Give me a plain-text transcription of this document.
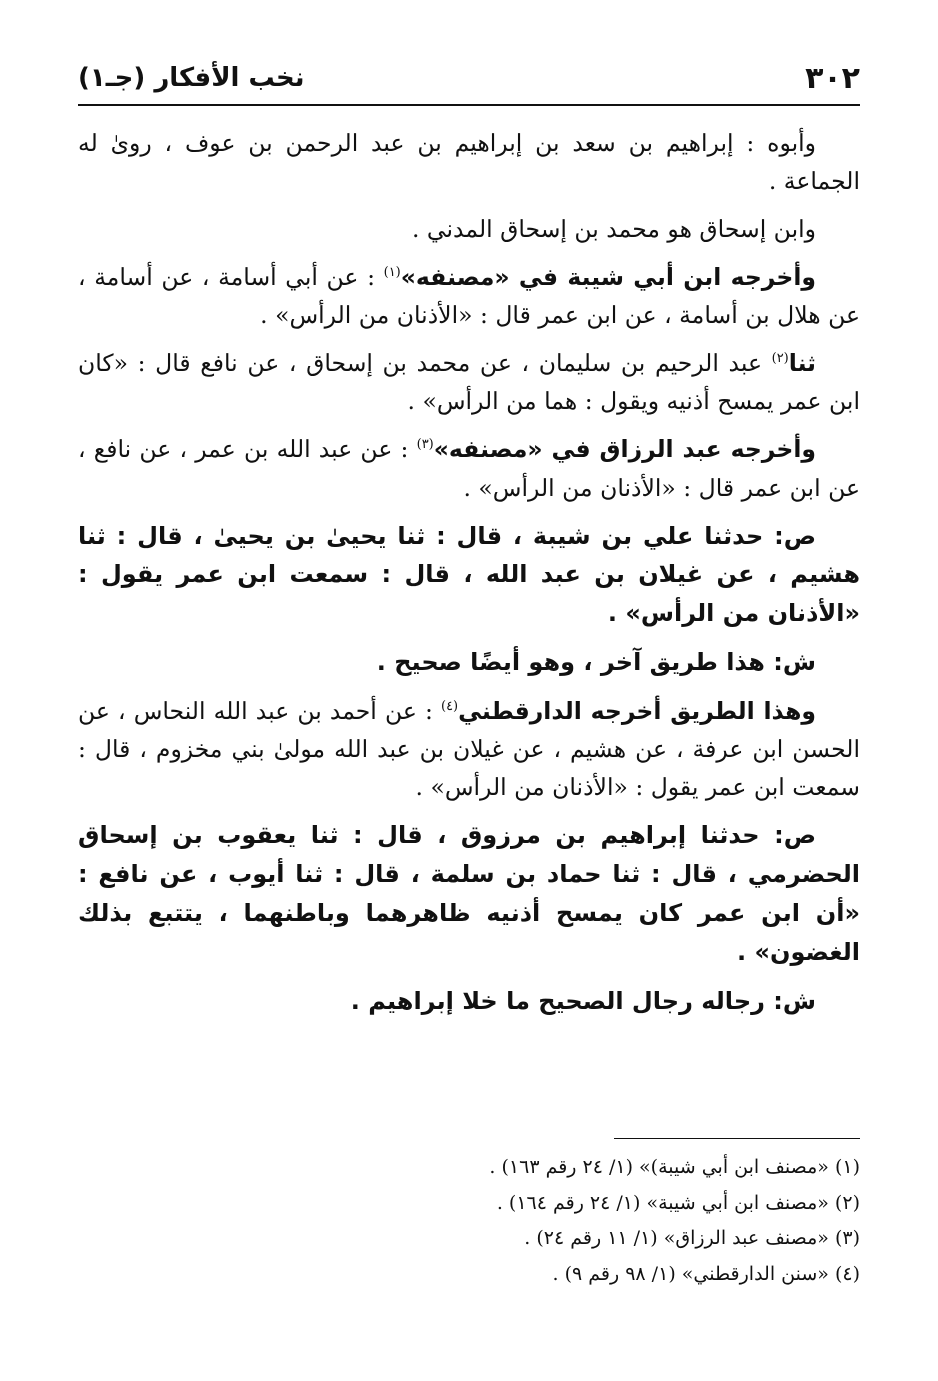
٣٠٢
نخب الأفكار (جـ١)

وأبوه : إبراهيم بن سعد بن إبراهيم بن عبد الرحمن بن عوف ، روىٰ له الجماعة .

وابن إسحاق هو محمد بن إسحاق المدني .

وأخرجه ابن أبي شيبة في «مصنفه»$^{(١)}$ : عن أبي أسامة ، عن أسامة ، عن هلال بن أسامة ، عن ابن عمر قال : «الأذنان من الرأس» .

ثنا$^{(٢)}$ عبد الرحيم بن سليمان ، عن محمد بن إسحاق ، عن نافع قال : «كان ابن عمر يمسح أذنيه ويقول : هما من الرأس» .

وأخرجه عبد الرزاق في «مصنفه»$^{(٣)}$ : عن عبد الله بن عمر ، عن نافع ، عن ابن عمر قال : «الأذنان من الرأس» .

ص: حدثنا علي بن شيبة ، قال : ثنا يحيىٰ بن يحيىٰ ، قال : ثنا هشيم ، عن غيلان بن عبد الله ، قال : سمعت ابن عمر يقول : «الأذنان من الرأس» .

ش: هذا طريق آخر ، وهو أيضًا صحيح .

وهذا الطريق أخرجه الدارقطني$^{(٤)}$ : عن أحمد بن عبد الله النحاس ، عن الحسن ابن عرفة ، عن هشيم ، عن غيلان بن عبد الله مولىٰ بني مخزوم ، قال : سمعت ابن عمر يقول : «الأذنان من الرأس» .

ص: حدثنا إبراهيم بن مرزوق ، قال : ثنا يعقوب بن إسحاق الحضرمي ، قال : ثنا حماد بن سلمة ، قال : ثنا أيوب ، عن نافع : «أن ابن عمر كان يمسح أذنيه ظاهرهما وباطنهما ، يتتبع بذلك الغضون» .

ش: رجاله رجال الصحيح ما خلا إبراهيم .

(١) «مصنف ابن أبي شيبة)» (١/ ٢٤ رقم ١٦٣) .

(٢) «مصنف ابن أبي شيبة» (١/ ٢٤ رقم ١٦٤) .

(٣) «مصنف عبد الرزاق» (١/ ١١ رقم ٢٤) .

(٤) «سنن الدارقطني» (١/ ٩٨ رقم ٩) .
